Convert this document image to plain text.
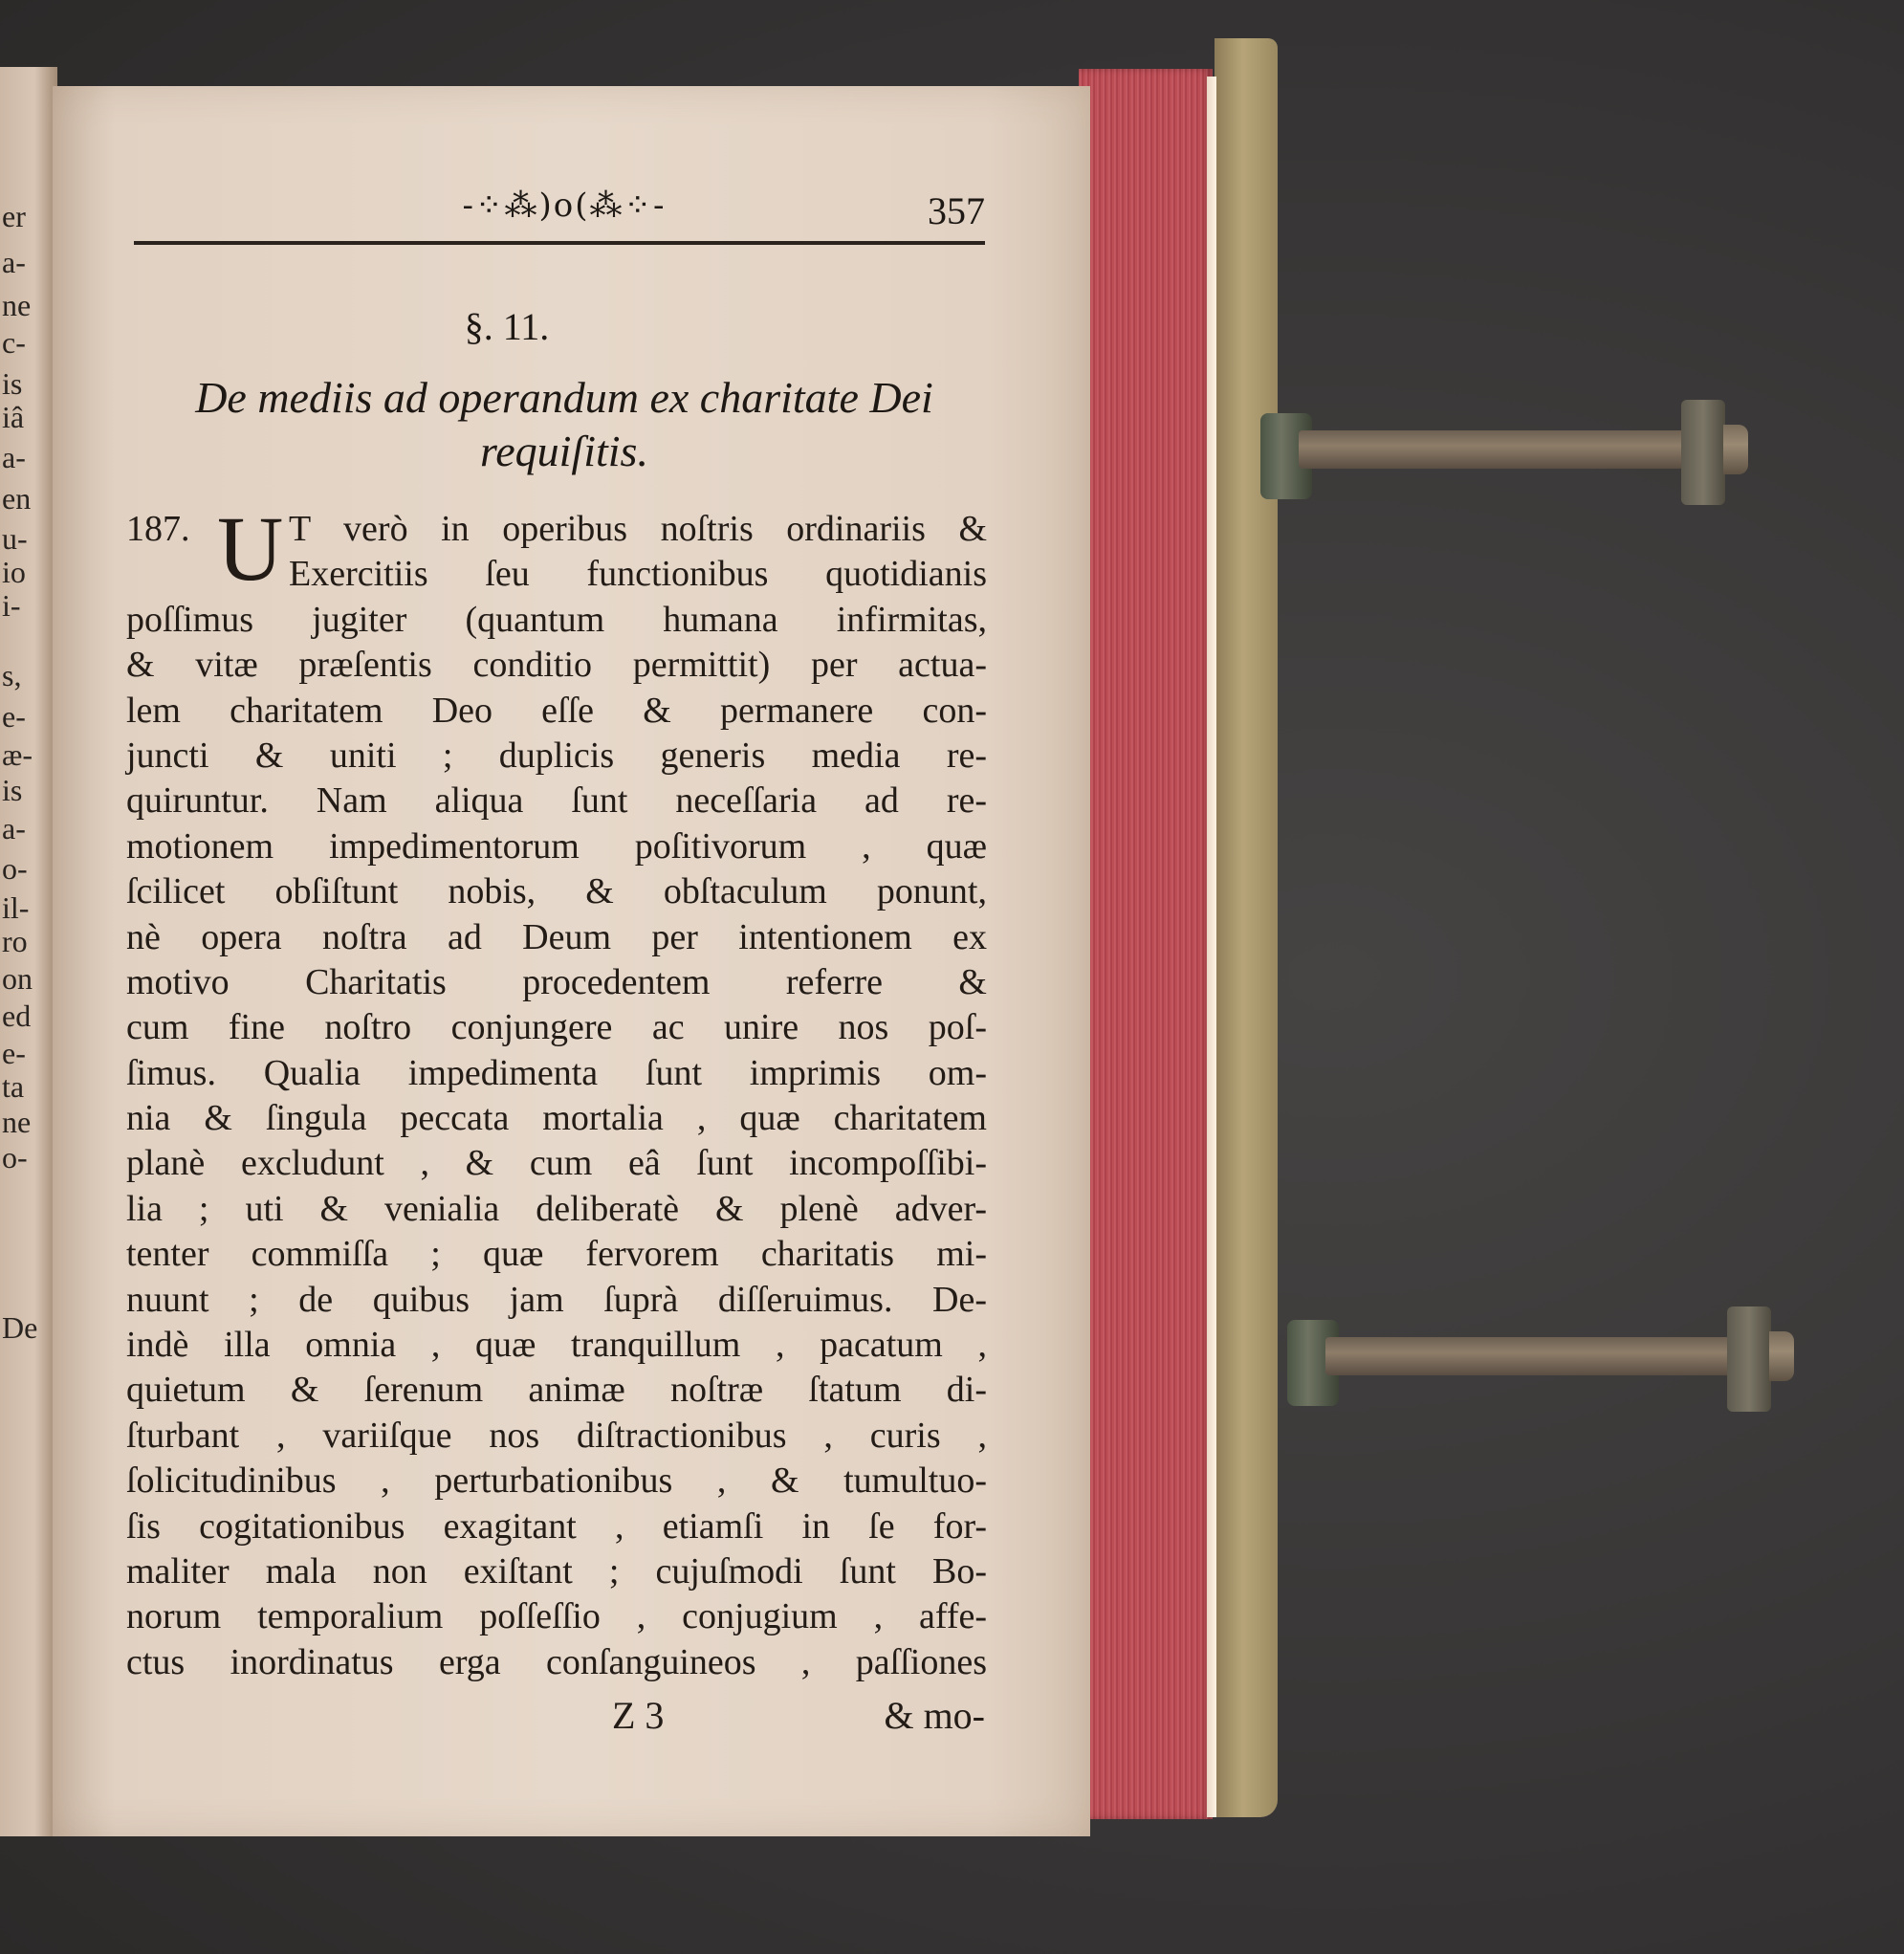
er
a-
ne
c-
is
iâ
a-
en
u-
io
i-
s,
e-
æ-
is
a-
o-
il-
ro
on
ed
e-
ta
ne
o-
De
-⁘⁂)o(⁂⁘-	357
§. 11.
De mediis ad operandum ex charitate Dei requiſitis.
187. U T verò in operibus noſtris ordinariis &
Exercitiis ſeu functionibus quotidianis
poſſimus jugiter (quantum humana infirmitas,
& vitæ præſentis conditio permittit) per actua-
lem charitatem Deo eſſe & permanere con-
juncti & uniti ; duplicis generis media re-
quiruntur. Nam aliqua ſunt neceſſaria ad re-
motionem impedimentorum poſitivorum , quæ
ſcilicet obſiſtunt nobis, & obſtaculum ponunt,
nè opera noſtra ad Deum per intentionem ex
motivo Charitatis procedentem referre &
cum fine noſtro conjungere ac unire nos poſ-
ſimus. Qualia impedimenta ſunt imprimis om-
nia & ſingula peccata mortalia , quæ charitatem
planè excludunt , & cum eâ ſunt incompoſſibi-
lia ; uti & venialia deliberatè & plenè adver-
tenter commiſſa ; quæ fervorem charitatis mi-
nuunt ; de quibus jam ſuprà diſſeruimus. De-
indè illa omnia , quæ tranquillum , pacatum ,
quietum & ſerenum animæ noſtræ ſtatum di-
ſturbant , variiſque nos diſtractionibus , curis ,
ſolicitudinibus , perturbationibus , & tumultuo-
ſis cogitationibus exagitant , etiamſi in ſe for-
maliter mala non exiſtant ; cujuſmodi ſunt Bo-
norum temporalium poſſeſſio , conjugium , affe-
ctus inordinatus erga conſanguineos , paſſiones
Z 3	& mo-
